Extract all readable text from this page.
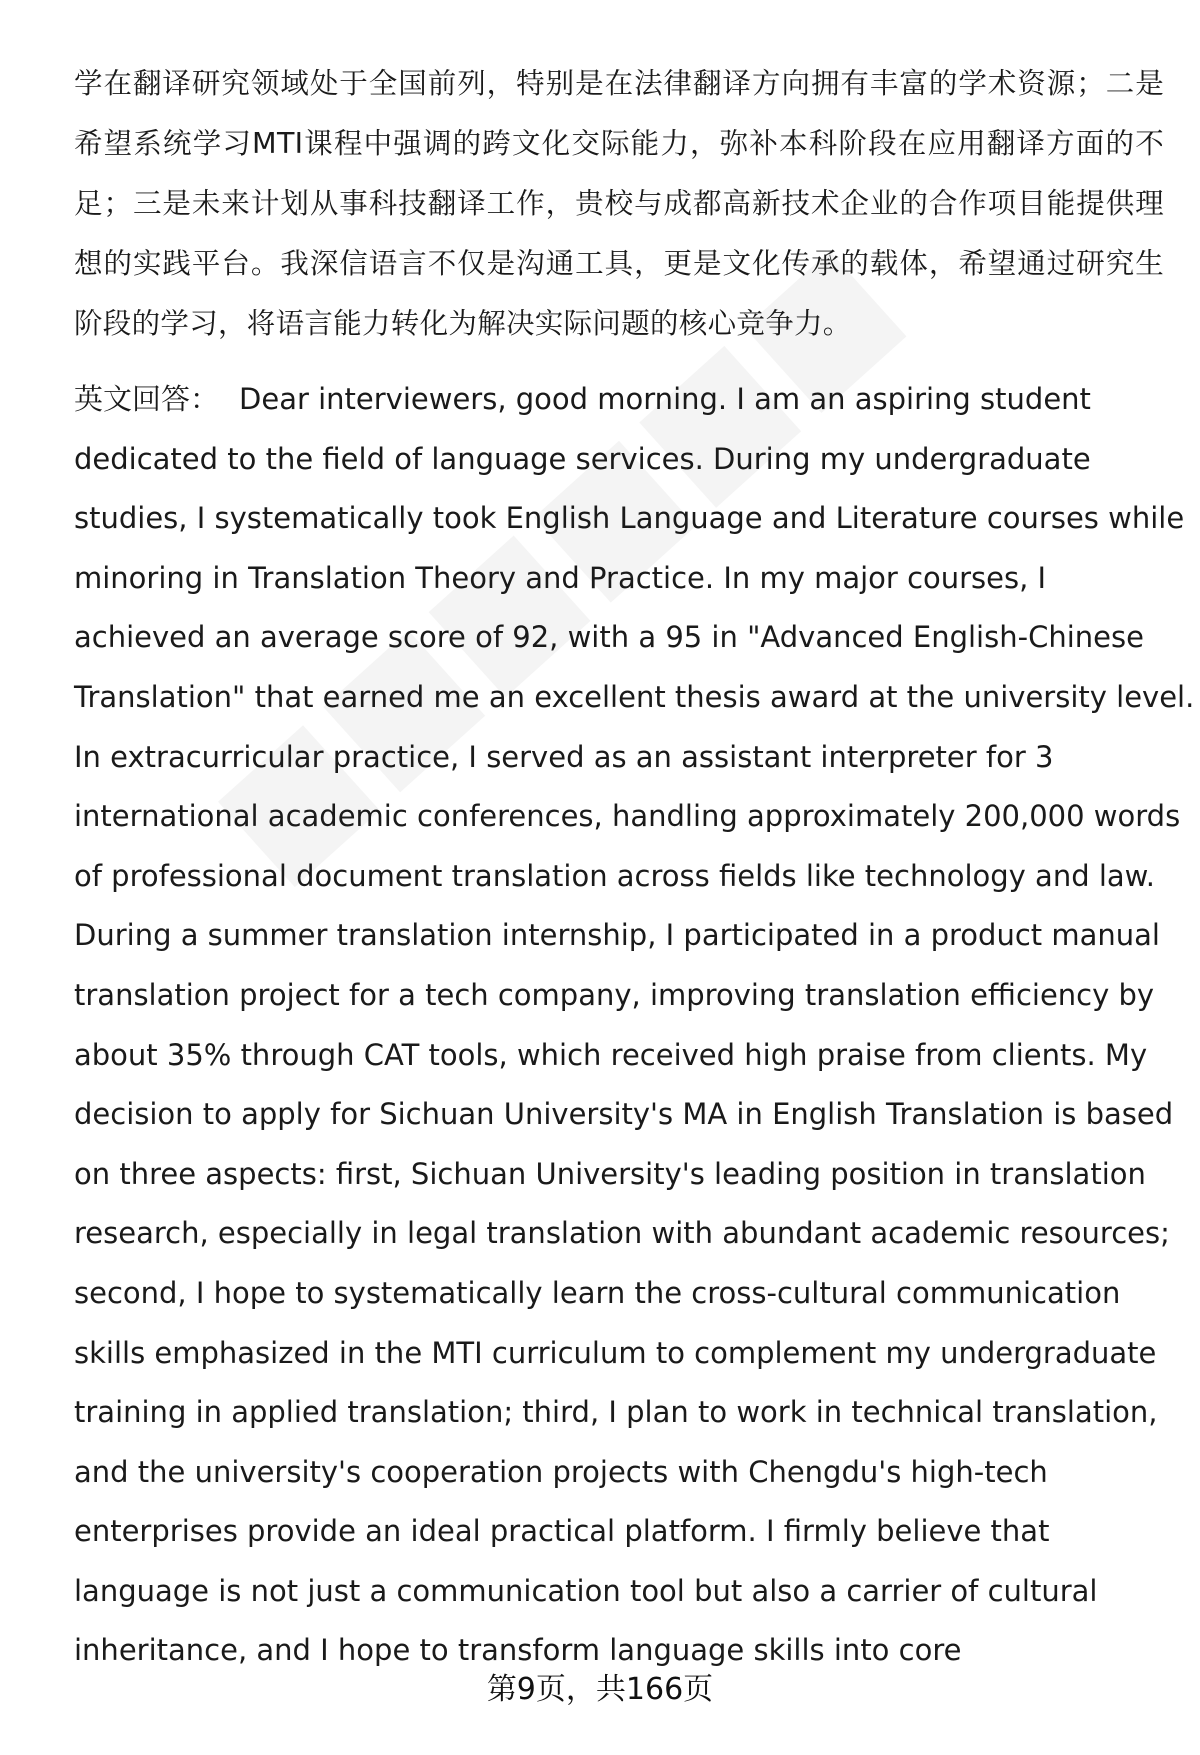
学在翻译研究领域处于全国前列，特别是在法律翻译方向拥有丰富的学术资源；二是希望系统学习MTI课程中强调的跨文化交际能力，弥补本科阶段在应用翻译方面的不足；三是未来计划从事科技翻译工作，贵校与成都高新技术企业的合作项目能提供理想的实践平台。我深信语言不仅是沟通工具，更是文化传承的载体，希望通过研究生阶段的学习，将语言能力转化为解决实际问题的核心竞争力。

英文回答： Dear interviewers, good morning. I am an aspiring student
dedicated to the field of language services. During my undergraduate
studies, I systematically took English Language and Literature courses while
minoring in Translation Theory and Practice. In my major courses, I
achieved an average score of 92, with a 95 in "Advanced English-Chinese
Translation" that earned me an excellent thesis award at the university level.
In extracurricular practice, I served as an assistant interpreter for 3
international academic conferences, handling approximately 200,000 words
of professional document translation across fields like technology and law.
During a summer translation internship, I participated in a product manual
translation project for a tech company, improving translation efficiency by
about 35% through CAT tools, which received high praise from clients. My
decision to apply for Sichuan University's MA in English Translation is based
on three aspects: first, Sichuan University's leading position in translation
research, especially in legal translation with abundant academic resources;
second, I hope to systematically learn the cross-cultural communication
skills emphasized in the MTI curriculum to complement my undergraduate
training in applied translation; third, I plan to work in technical translation,
and the university's cooperation projects with Chengdu's high-tech
enterprises provide an ideal practical platform. I firmly believe that
language is not just a communication tool but also a carrier of cultural
inheritance, and I hope to transform language skills into core
第9页，共166页
